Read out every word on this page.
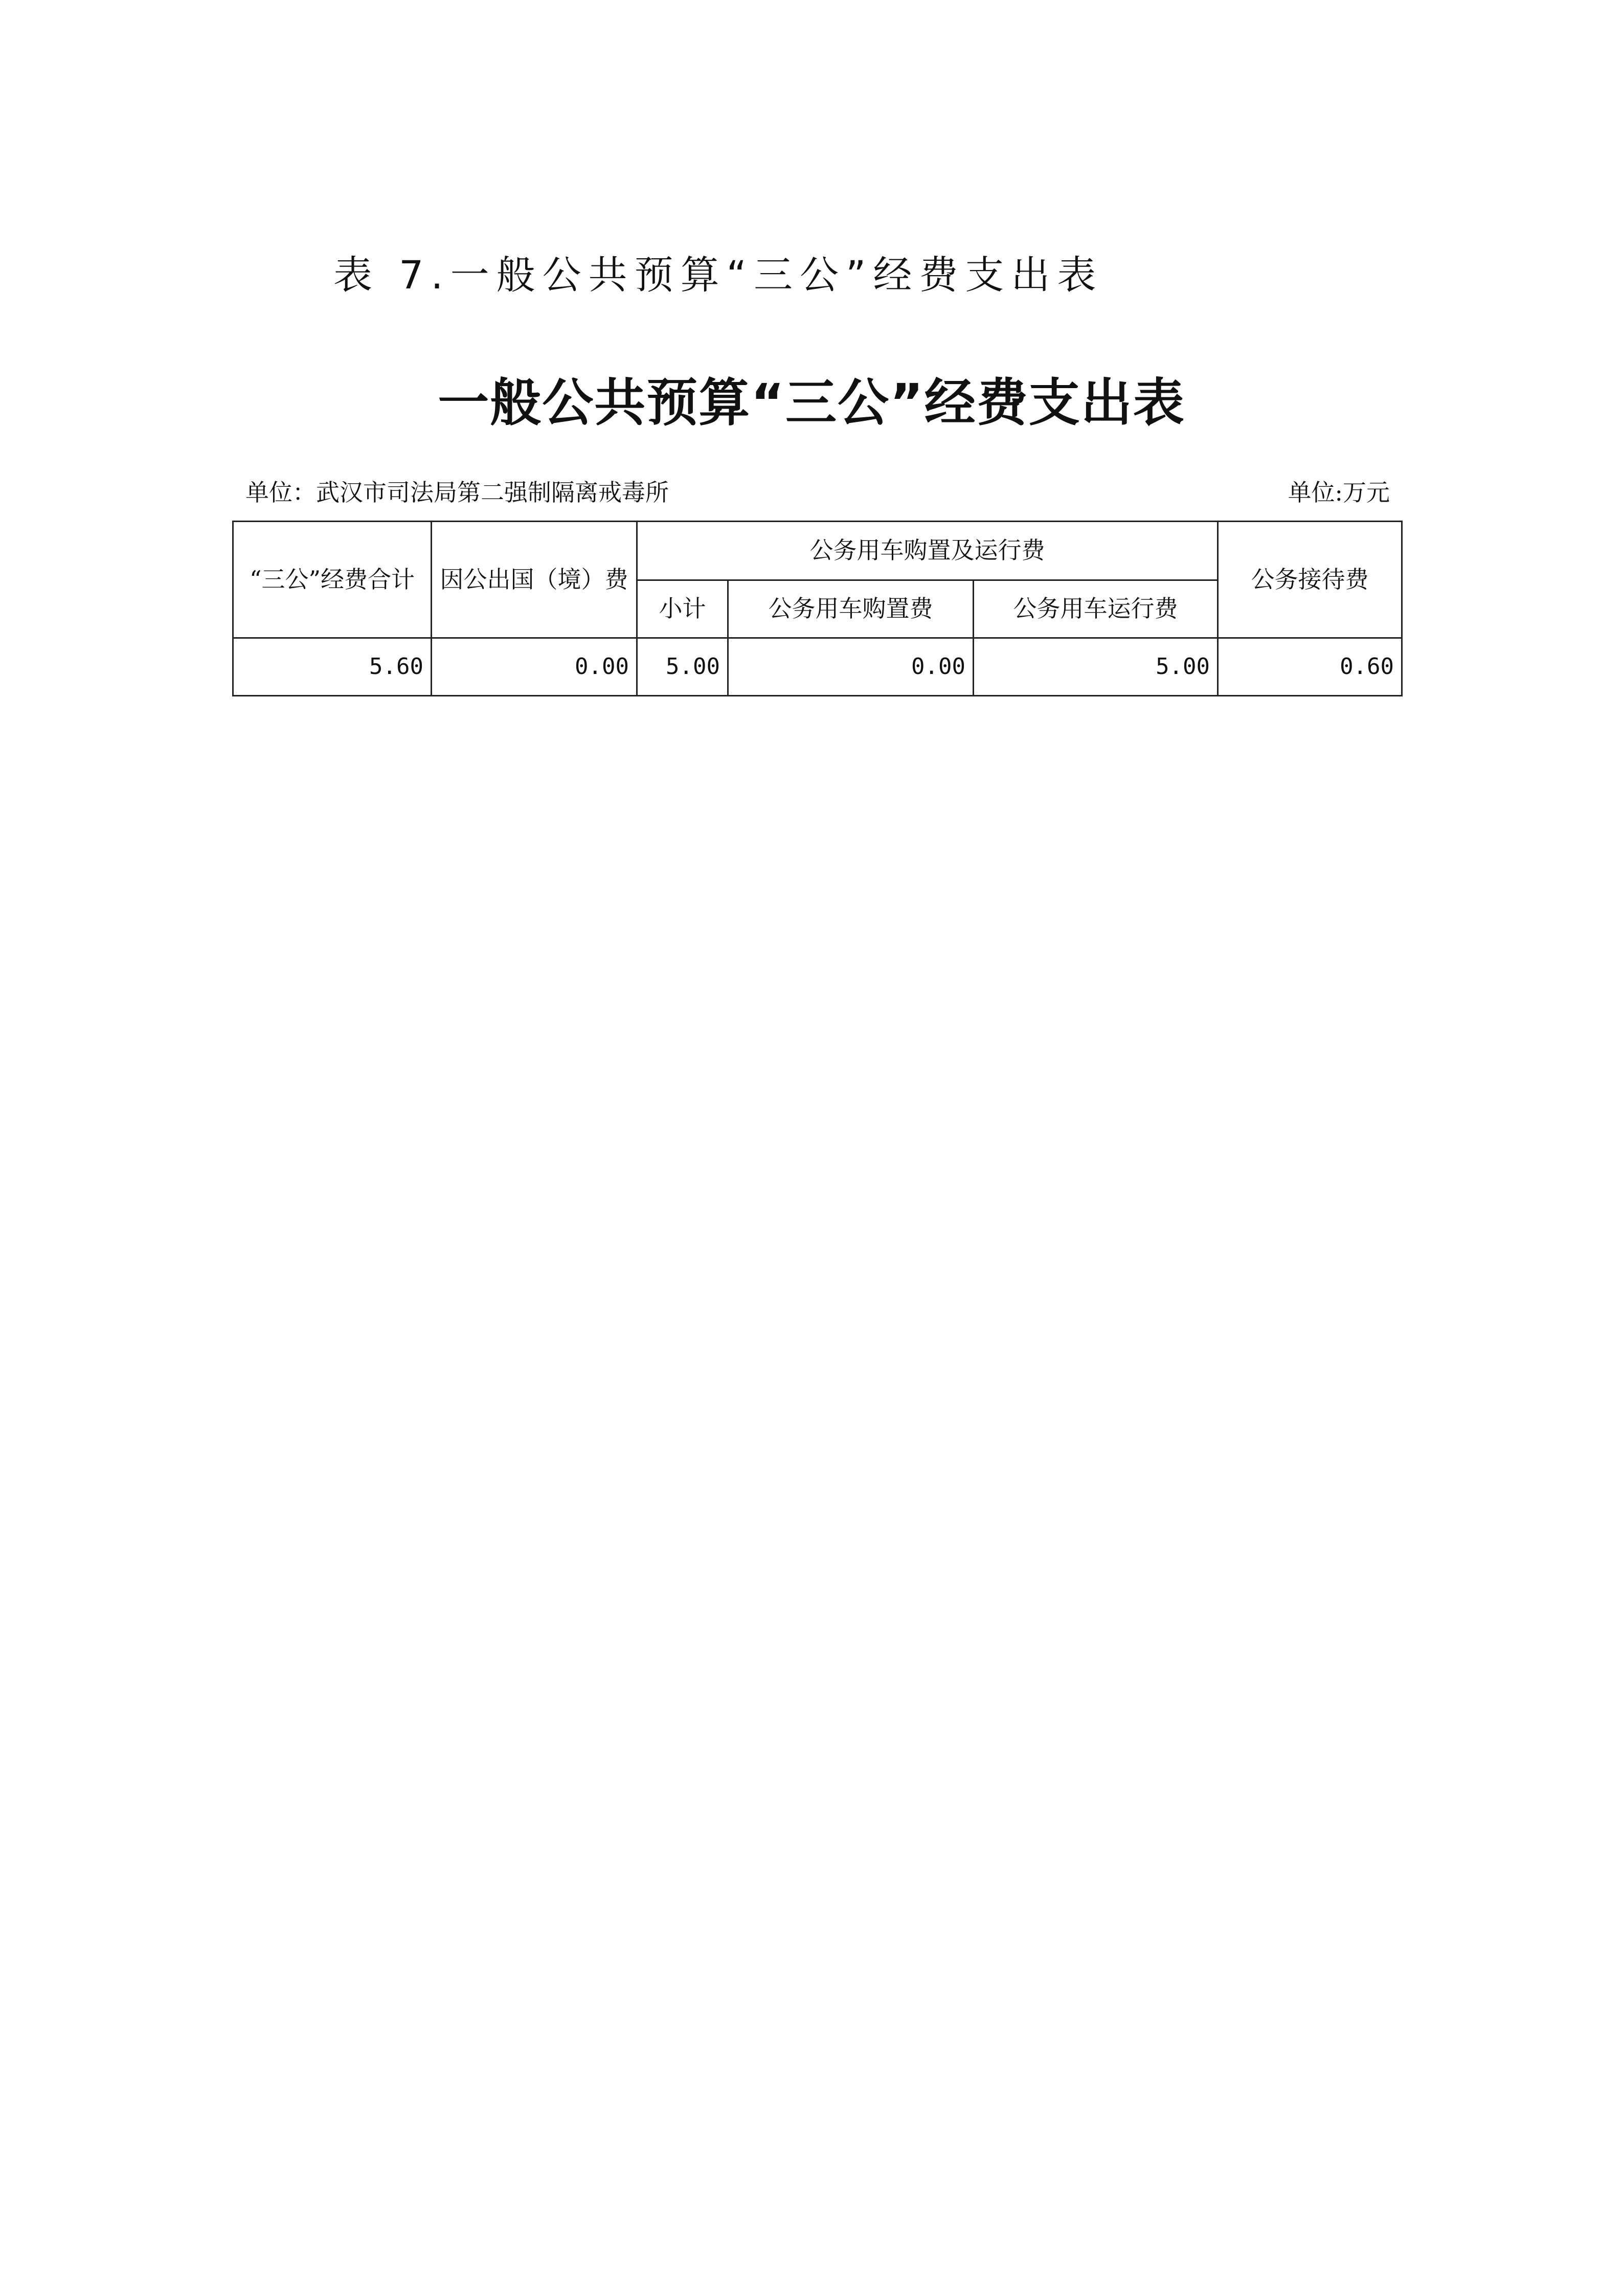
表 7.一般公共预算“三公”经费支出表
一般公共预算“三公”经费支出表
单位：武汉市司法局第二强制隔离戒毒所	单位:万元
“三公”经费合计	因公出国（境）费	公务用车购置及运行费			公务接待费
		小计	公务用车购置费	公务用车运行费	
5.60	0.00	5.00	0.00	5.00	0.60
